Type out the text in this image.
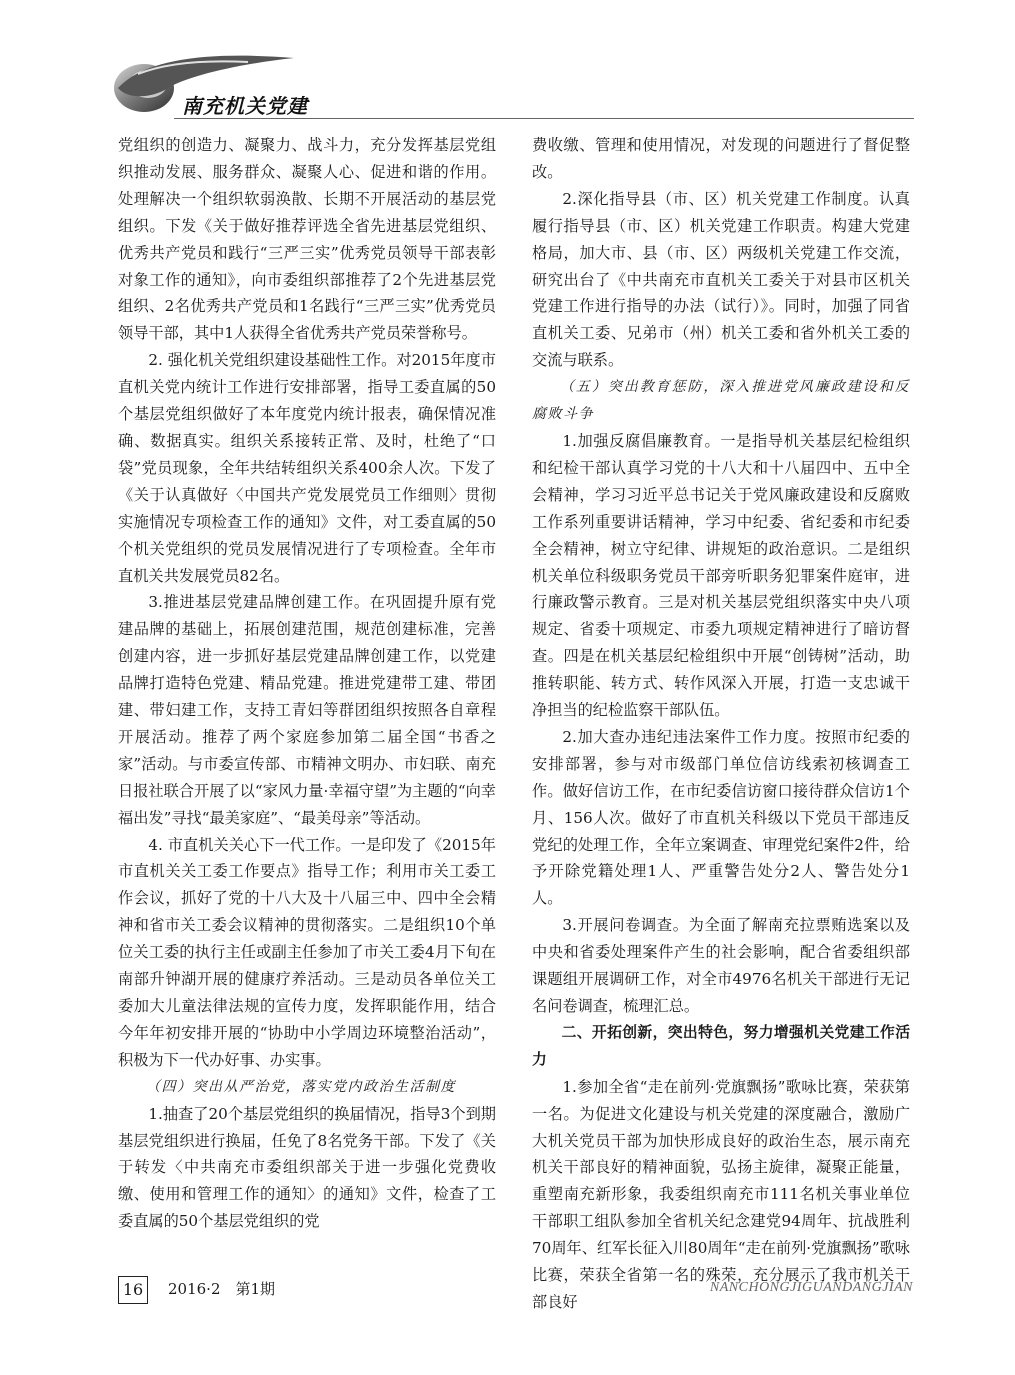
南充机关党建

党组织的创造力、凝聚力、战斗力，充分发挥基层党组织推动发展、服务群众、凝聚人心、促进和谐的作用。处理解决一个组织软弱涣散、长期不开展活动的基层党组织。下发《关于做好推荐评选全省先进基层党组织、优秀共产党员和践行“三严三实”优秀党员领导干部表彰对象工作的通知》，向市委组织部推荐了2个先进基层党组织、2名优秀共产党员和1名践行“三严三实”优秀党员领导干部，其中1人获得全省优秀共产党员荣誉称号。

2. 强化机关党组织建设基础性工作。对2015年度市直机关党内统计工作进行安排部署，指导工委直属的50个基层党组织做好了本年度党内统计报表，确保情况准确、数据真实。组织关系接转正常、及时，杜绝了“口袋”党员现象，全年共结转组织关系400余人次。下发了《关于认真做好〈中国共产党发展党员工作细则〉贯彻实施情况专项检查工作的通知》文件，对工委直属的50个机关党组织的党员发展情况进行了专项检查。全年市直机关共发展党员82名。

3.推进基层党建品牌创建工作。在巩固提升原有党建品牌的基础上，拓展创建范围，规范创建标准，完善创建内容，进一步抓好基层党建品牌创建工作，以党建品牌打造特色党建、精品党建。推进党建带工建、带团建、带妇建工作，支持工青妇等群团组织按照各自章程开展活动。推荐了两个家庭参加第二届全国“书香之家”活动。与市委宣传部、市精神文明办、市妇联、南充日报社联合开展了以“家风力量·幸福守望”为主题的“向幸福出发”寻找“最美家庭”、“最美母亲”等活动。

4. 市直机关关心下一代工作。一是印发了《2015年市直机关关工委工作要点》指导工作；利用市关工委工作会议，抓好了党的十八大及十八届三中、四中全会精神和省市关工委会议精神的贯彻落实。二是组织10个单位关工委的执行主任或副主任参加了市关工委4月下旬在南部升钟湖开展的健康疗养活动。三是动员各单位关工委加大儿童法律法规的宣传力度，发挥职能作用，结合今年年初安排开展的“协助中小学周边环境整治活动”，积极为下一代办好事、办实事。

（四）突出从严治党，落实党内政治生活制度

1.抽查了20个基层党组织的换届情况，指导3个到期基层党组织进行换届，任免了8名党务干部。下发了《关于转发〈中共南充市委组织部关于进一步强化党费收缴、使用和管理工作的通知〉的通知》文件，检查了工委直属的50个基层党组织的党

费收缴、管理和使用情况，对发现的问题进行了督促整改。

2.深化指导县（市、区）机关党建工作制度。认真履行指导县（市、区）机关党建工作职责。构建大党建格局，加大市、县（市、区）两级机关党建工作交流，研究出台了《中共南充市直机关工委关于对县市区机关党建工作进行指导的办法（试行）》。同时，加强了同省直机关工委、兄弟市（州）机关工委和省外机关工委的交流与联系。

（五）突出教育惩防，深入推进党风廉政建设和反腐败斗争

1.加强反腐倡廉教育。一是指导机关基层纪检组织和纪检干部认真学习党的十八大和十八届四中、五中全会精神，学习习近平总书记关于党风廉政建设和反腐败工作系列重要讲话精神，学习中纪委、省纪委和市纪委全会精神，树立守纪律、讲规矩的政治意识。二是组织机关单位科级职务党员干部旁听职务犯罪案件庭审，进行廉政警示教育。三是对机关基层党组织落实中央八项规定、省委十项规定、市委九项规定精神进行了暗访督查。四是在机关基层纪检组织中开展“创铸树”活动，助推转职能、转方式、转作风深入开展，打造一支忠诚干净担当的纪检监察干部队伍。

2.加大查办违纪违法案件工作力度。按照市纪委的安排部署，参与对市级部门单位信访线索初核调查工作。做好信访工作，在市纪委信访窗口接待群众信访1个月、156人次。做好了市直机关科级以下党员干部违反党纪的处理工作，全年立案调查、审理党纪案件2件，给予开除党籍处理1人、严重警告处分2人、警告处分1人。

3.开展问卷调查。为全面了解南充拉票贿选案以及中央和省委处理案件产生的社会影响，配合省委组织部课题组开展调研工作，对全市4976名机关干部进行无记名问卷调查，梳理汇总。

二、开拓创新，突出特色，努力增强机关党建工作活力

1.参加全省“走在前列·党旗飘扬”歌咏比赛，荣获第一名。为促进文化建设与机关党建的深度融合，激励广大机关党员干部为加快形成良好的政治生态，展示南充机关干部良好的精神面貌，弘扬主旋律，凝聚正能量，重塑南充新形象，我委组织南充市111名机关事业单位干部职工组队参加全省机关纪念建党94周年、抗战胜利70周年、红军长征入川80周年“走在前列·党旗飘扬”歌咏比赛，荣获全省第一名的殊荣，充分展示了我市机关干部良好

16	2016·2　第1期	NANCHONGJIGUANDANGJIAN
